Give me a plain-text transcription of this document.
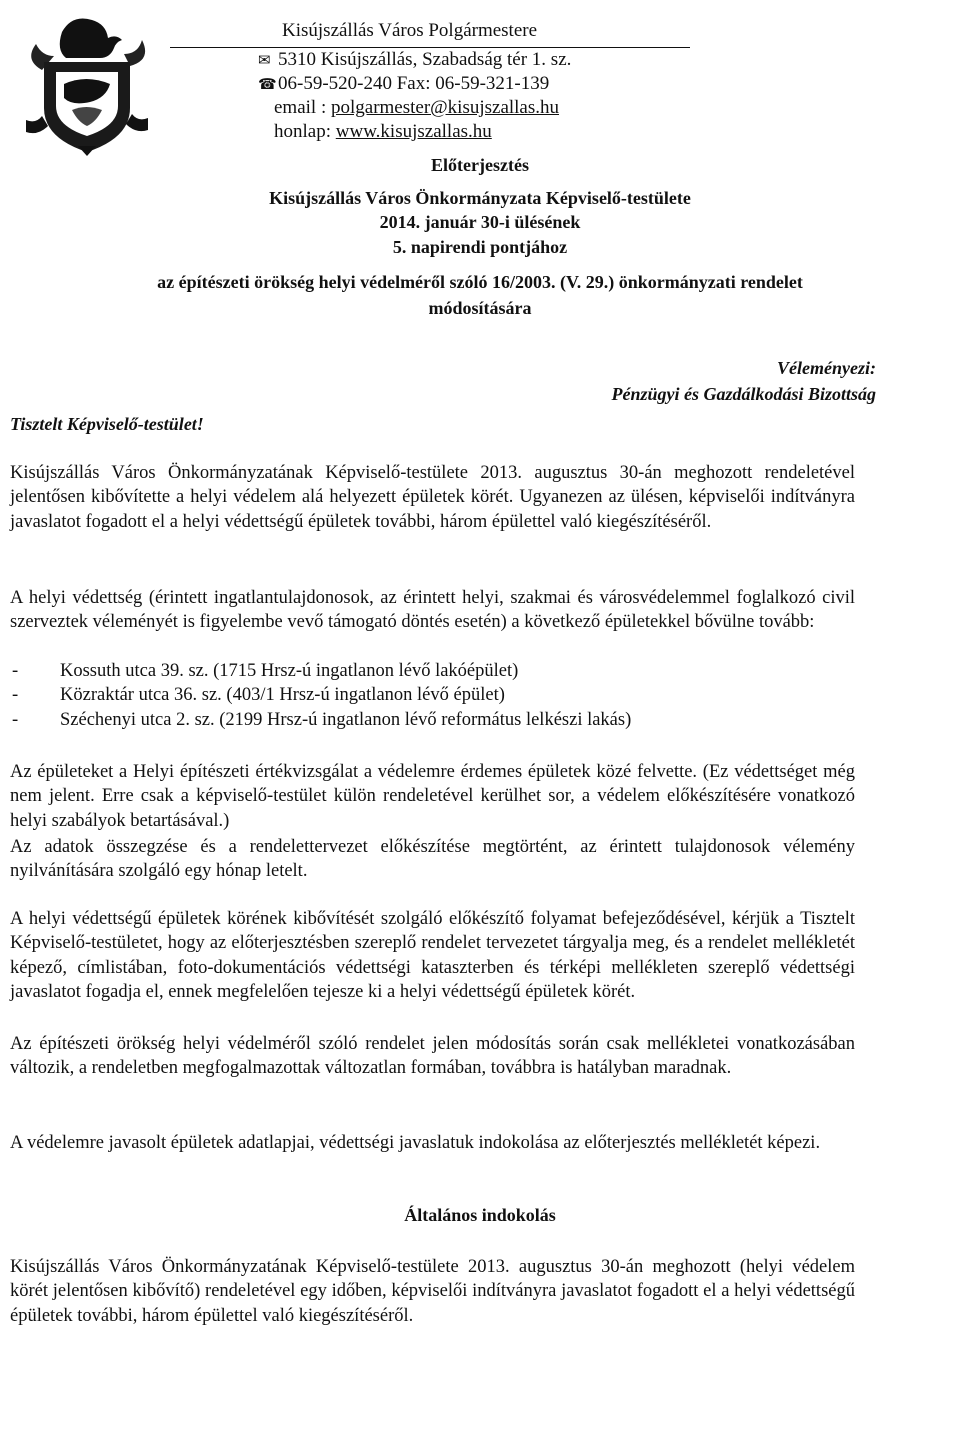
Kisújszállás Város Polgármestere
✉ 5310 Kisújszállás, Szabadság tér 1. sz.
☎06-59-520-240 Fax: 06-59-321-139
email : polgarmester@kisujszallas.hu
honlap: www.kisujszallas.hu
Előterjesztés
Kisújszállás Város Önkormányzata Képviselő-testülete
2014. január 30-i ülésének
5. napirendi pontjához
az építészeti örökség helyi védelméről szóló 16/2003. (V. 29.) önkormányzati rendelet
módosítására
Véleményezi:
Pénzügyi és Gazdálkodási Bizottság
Tisztelt Képviselő-testület!
Kisújszállás Város Önkormányzatának Képviselő-testülete 2013. augusztus 30-án meghozott rendeletével jelentősen kibővítette a helyi védelem alá helyezett épületek körét. Ugyanezen az ülésen, képviselői indítványra javaslatot fogadott el a helyi védettségű épületek további, három épülettel való kiegészítéséről.
A helyi védettség (érintett ingatlantulajdonosok, az érintett helyi, szakmai és városvédelemmel foglalkozó civil szerveztek véleményét is figyelembe vevő támogató döntés esetén) a következő épületekkel bővülne tovább:
-	Kossuth utca 39. sz. (1715 Hrsz-ú ingatlanon lévő lakóépület)
-	Közraktár utca 36. sz. (403/1 Hrsz-ú ingatlanon lévő épület)
-	Széchenyi utca 2. sz. (2199 Hrsz-ú ingatlanon lévő református lelkészi lakás)
Az épületeket a Helyi építészeti értékvizsgálat a védelemre érdemes épületek közé felvette. (Ez védettséget még nem jelent. Erre csak a képviselő-testület külön rendeletével kerülhet sor, a védelem előkészítésére vonatkozó helyi szabályok betartásával.)
Az adatok összegzése és a rendelettervezet előkészítése megtörtént, az érintett tulajdonosok vélemény nyilvánítására szolgáló egy hónap letelt.
A helyi védettségű épületek körének kibővítését szolgáló előkészítő folyamat befejeződésével, kérjük a Tisztelt Képviselő-testületet, hogy az előterjesztésben szereplő rendelet tervezetet tárgyalja meg, és a rendelet mellékletét képező, címlistában, foto-dokumentációs védettségi kataszterben és térképi mellékleten szereplő védettségi javaslatot fogadja el, ennek megfelelően tejesze ki a helyi védettségű épületek körét.
Az építészeti örökség helyi védelméről szóló rendelet jelen módosítás során csak mellékletei vonatkozásában változik, a rendeletben megfogalmazottak változatlan formában, továbbra is hatályban maradnak.
A védelemre javasolt épületek adatlapjai, védettségi javaslatuk indokolása az előterjesztés mellékletét képezi.
Általános indokolás
Kisújszállás Város Önkormányzatának Képviselő-testülete 2013. augusztus 30-án meghozott (helyi védelem körét jelentősen kibővítő) rendeletével egy időben, képviselői indítványra javaslatot fogadott el a helyi védettségű épületek további, három épülettel való kiegészítéséről.
